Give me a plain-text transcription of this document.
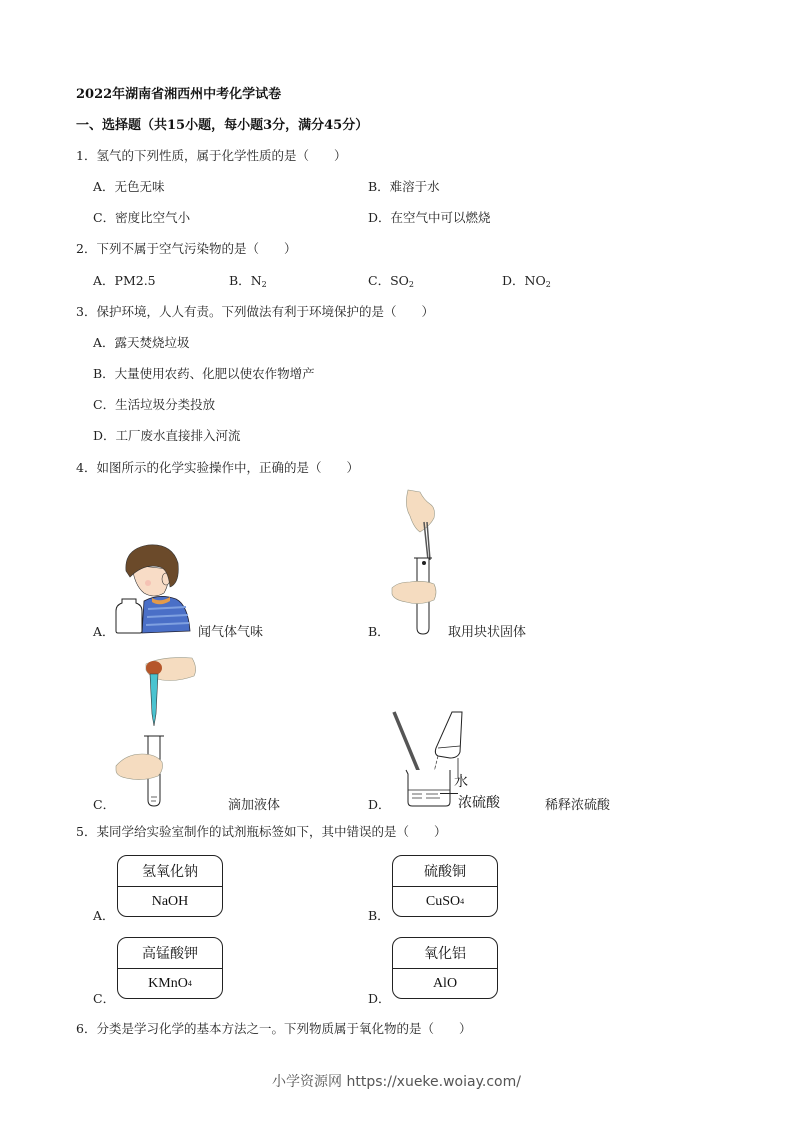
2022年湖南省湘西州中考化学试卷
一、选择题（共15小题，每小题3分，满分45分）
1．氢气的下列性质，属于化学性质的是（　　）
A．无色无味	B．难溶于水
C．密度比空气小	D．在空气中可以燃烧
2．下列不属于空气污染物的是（　　）
A．PM2.5	B．$N_2$	C．$SO_2$	D．$NO_2$
3．保护环境，人人有责。下列做法有利于环境保护的是（　　）
A．露天焚烧垃圾
B．大量使用农药、化肥以使农作物增产
C．生活垃圾分类投放
D．工厂废水直接排入河流
4．如图所示的化学实验操作中，正确的是（　　）
A．	闻气体气味	B．	取用块状固体
C．	滴加液体	D．
水
浓硫酸	稀释浓硫酸
5．某同学给实验室制作的试剂瓶标签如下，其中错误的是（　　）
A．
氢氧化钠
NaOH
B．
硫酸铜
CuSO 4
C．
高锰酸钾
KMnO 4
D．
氧化铝
AlO
6．分类是学习化学的基本方法之一。下列物质属于氧化物的是（　　）
小学资源网 https://xueke.woiay.com/
